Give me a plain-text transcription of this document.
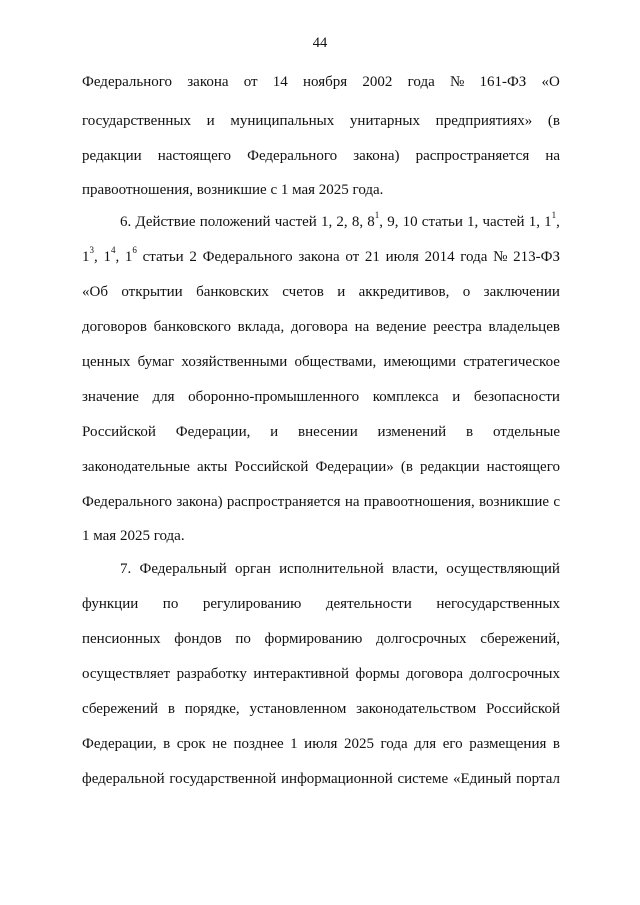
44
Федерального закона от 14 ноября 2002 года № 161-ФЗ «О
государственных и муниципальных унитарных предприятиях» (в
редакции настоящего Федерального закона) распространяется на
правоотношения, возникшие с 1 мая 2025 года.
6. Действие положений частей 1, 2, 8, $8^1$, 9, 10 статьи 1, частей 1, $1^1$,
$1^3$, $1^4$, $1^6$ статьи 2 Федерального закона от 21 июля 2014 года № 213-ФЗ
«Об открытии банковских счетов и аккредитивов, о заключении
договоров банковского вклада, договора на ведение реестра владельцев
ценных бумаг хозяйственными обществами, имеющими стратегическое
значение для оборонно-промышленного комплекса и безопасности
Российской Федерации, и внесении изменений в отдельные
законодательные акты Российской Федерации» (в редакции настоящего
Федерального закона) распространяется на правоотношения, возникшие с
1 мая 2025 года.
7. Федеральный орган исполнительной власти, осуществляющий
функции по регулированию деятельности негосударственных
пенсионных фондов по формированию долгосрочных сбережений,
осуществляет разработку интерактивной формы договора долгосрочных
сбережений в порядке, установленном законодательством Российской
Федерации, в срок не позднее 1 июля 2025 года для его размещения в
федеральной государственной информационной системе «Единый портал
